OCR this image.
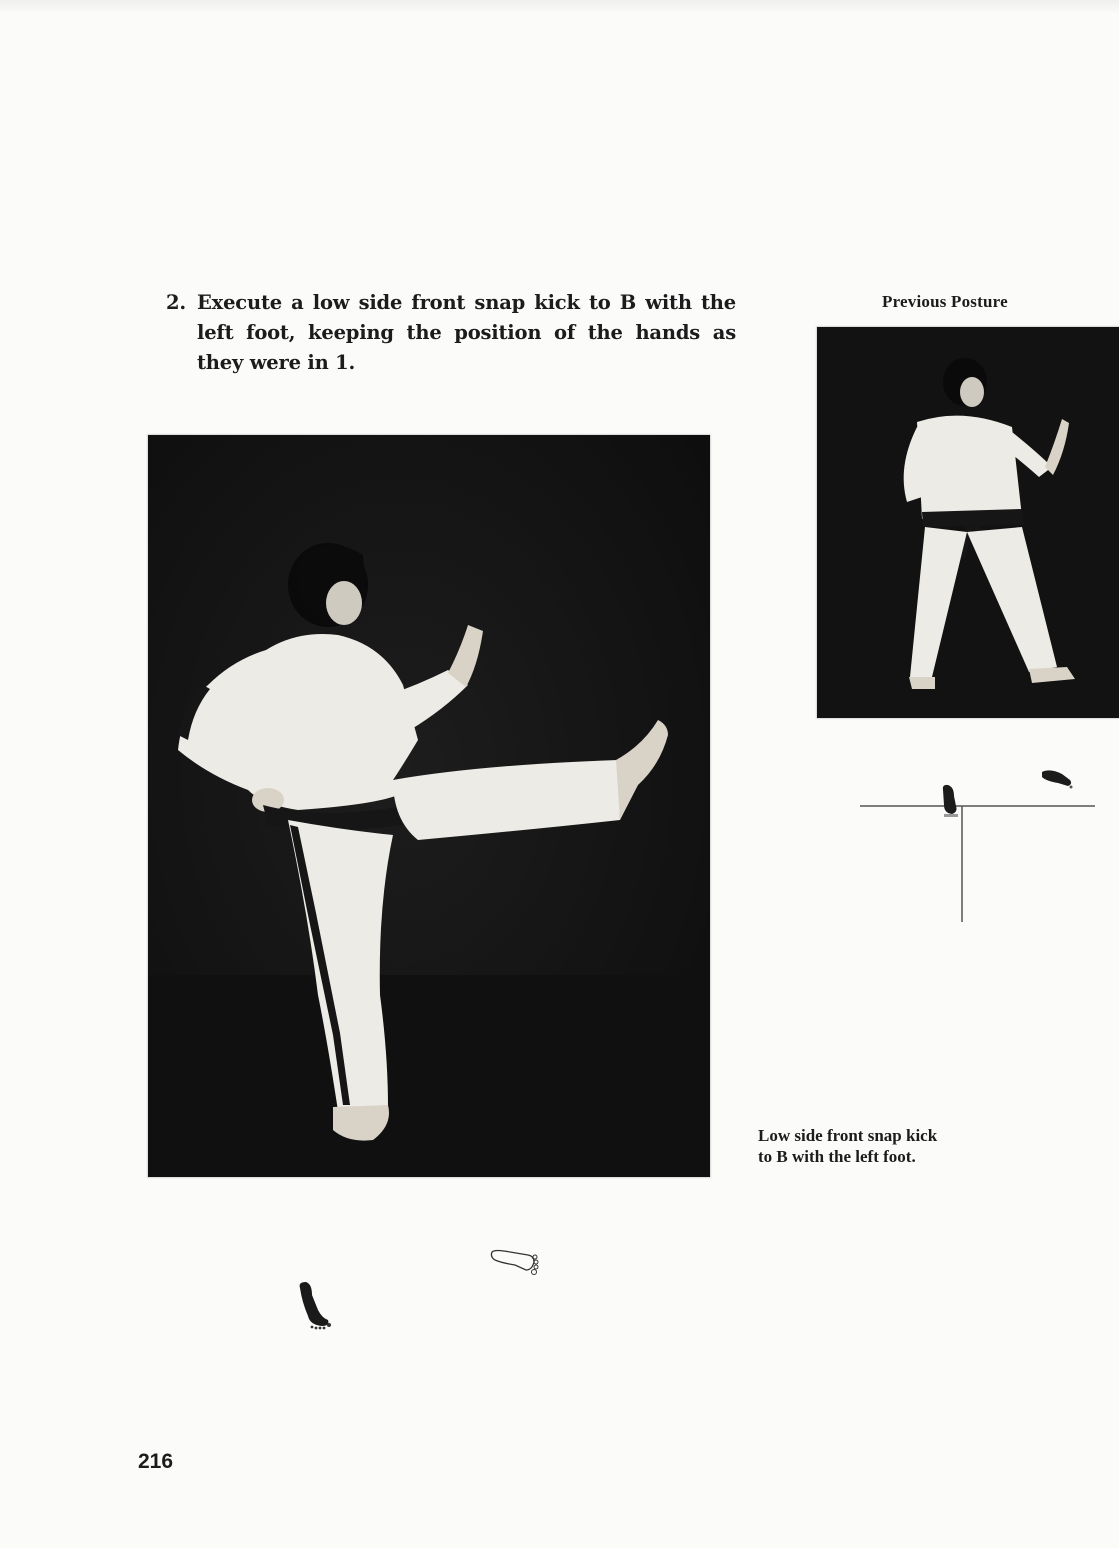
2. Execute a low side front snap kick to B with the left foot, keeping the position of the hands as they were in 1.
Previous Posture
Low side front snap kick
to B with the left foot.
216
